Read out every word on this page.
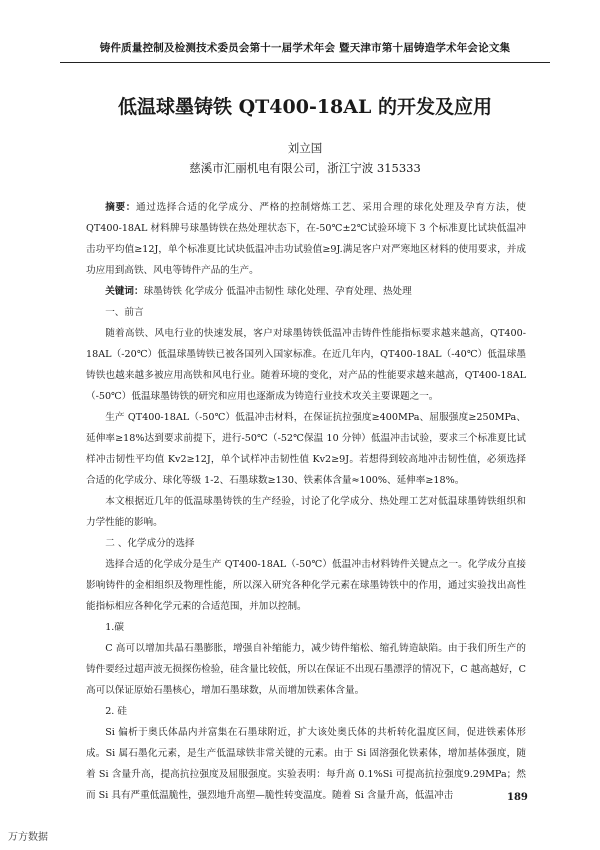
铸件质量控制及检测技术委员会第十一届学术年会 暨天津市第十届铸造学术年会论文集
低温球墨铸铁 QT400-18AL 的开发及应用
刘立国
慈溪市汇丽机电有限公司，浙江宁波 315333

摘要：通过选择合适的化学成分、严格的控制熔炼工艺、采用合理的球化处理及孕育方法，使QT400-18AL 材料牌号球墨铸铁在热处理状态下，在-50℃±2℃试验环境下 3 个标准夏比试块低温冲击功平均值≥12J，单个标准夏比试块低温冲击功试验值≥9J.满足客户对严寒地区材料的使用要求，并成功应用到高铁、风电等铸件产品的生产。

关键词：球墨铸铁 化学成分 低温冲击韧性 球化处理、孕育处理、热处理

一、前言

随着高铁、风电行业的快速发展，客户对球墨铸铁低温冲击铸件性能指标要求越来越高，QT400-18AL（-20℃）低温球墨铸铁已被各国列入国家标准。在近几年内，QT400-18AL（-40℃）低温球墨铸铁也越来越多被应用高铁和风电行业。随着环境的变化，对产品的性能要求越来越高，QT400-18AL（-50℃）低温球墨铸铁的研究和应用也逐渐成为铸造行业技术攻关主要课题之一。

生产 QT400-18AL（-50℃）低温冲击材料，在保证抗拉强度≥400MPa、屈服强度≥250MPa、延伸率≥18%达到要求前提下，进行-50℃（-52℃保温 10 分钟）低温冲击试验，要求三个标准夏比试样冲击韧性平均值 Kv2≥12J，单个试样冲击韧性值 Kv2≥9J。若想得到较高地冲击韧性值，必须选择合适的化学成分、球化等级 1-2、石墨球数≥130、铁素体含量≈100%、延伸率≥18%。

本文根据近几年的低温球墨铸铁的生产经验，讨论了化学成分、热处理工艺对低温球墨铸铁组织和力学性能的影响。

二 、化学成分的选择

选择合适的化学成分是生产 QT400-18AL（-50℃）低温冲击材料铸件关键点之一。化学成分直接影响铸件的金相组织及物理性能，所以深入研究各种化学元素在球墨铸铁中的作用，通过实验找出高性能指标相应各种化学元素的合适范围，并加以控制。

1.碳

C 高可以增加共晶石墨膨胀，增强自补缩能力，减少铸件缩松、缩孔铸造缺陷。由于我们所生产的铸件要经过超声波无损探伤检验，硅含量比较低，所以在保证不出现石墨漂浮的情况下，C 越高越好，C 高可以保证原始石墨核心，增加石墨球数，从而增加铁素体含量。

2. 硅

Si 偏析于奥氏体晶内并富集在石墨球附近，扩大该处奥氏体的共析转化温度区间，促进铁素体形成。Si 属石墨化元素，是生产低温球铁非常关键的元素。由于 Si 固溶强化铁素体，增加基体强度，随着 Si 含量升高，提高抗拉强度及屈服强度。实验表明：每升高 0.1%Si 可提高抗拉强度9.29MPa；然而 Si 具有严重低温脆性，强烈地升高塑—脆性转变温度。随着 Si 含量升高，低温冲击	189
万方数据
